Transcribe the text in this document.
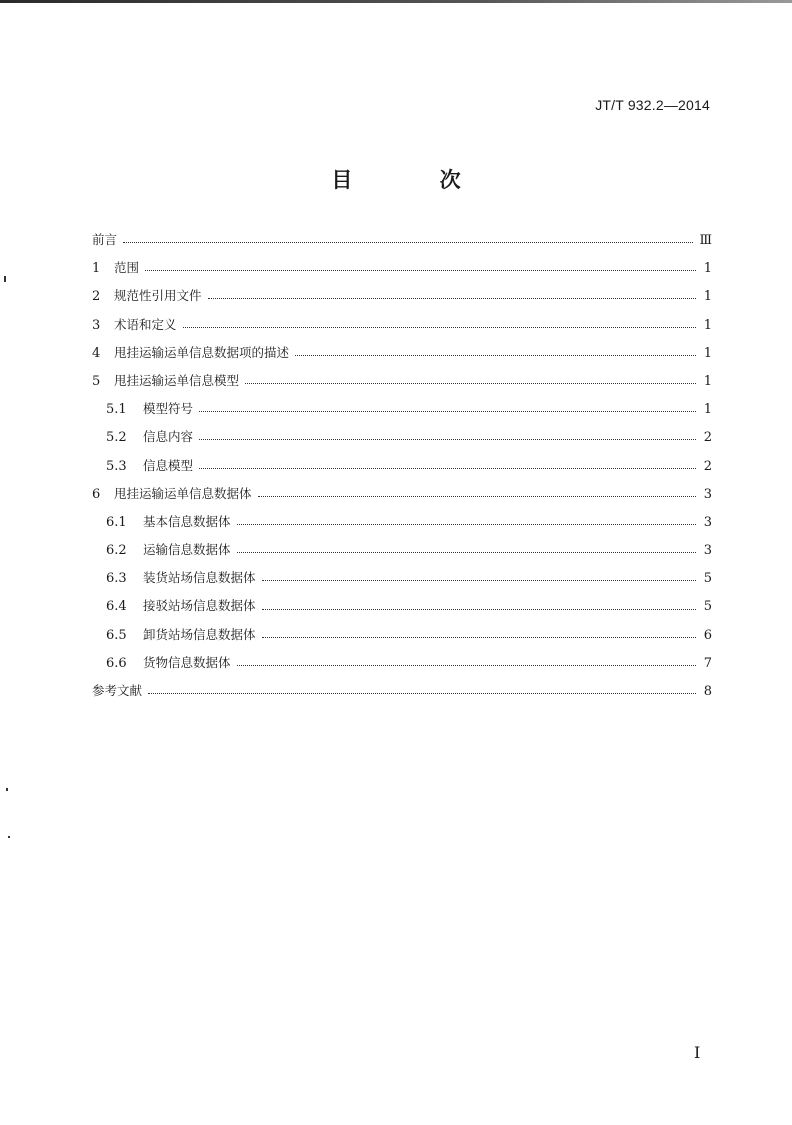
JT/T 932.2—2014
目 次
前言	Ⅲ
1	范围	1
2	规范性引用文件	1
3	术语和定义	1
4	甩挂运输运单信息数据项的描述	1
5	甩挂运输运单信息模型	1
5.1	模型符号	1
5.2	信息内容	2
5.3	信息模型	2
6	甩挂运输运单信息数据体	3
6.1	基本信息数据体	3
6.2	运输信息数据体	3
6.3	装货站场信息数据体	5
6.4	接驳站场信息数据体	5
6.5	卸货站场信息数据体	6
6.6	货物信息数据体	7
参考文献	8
I
